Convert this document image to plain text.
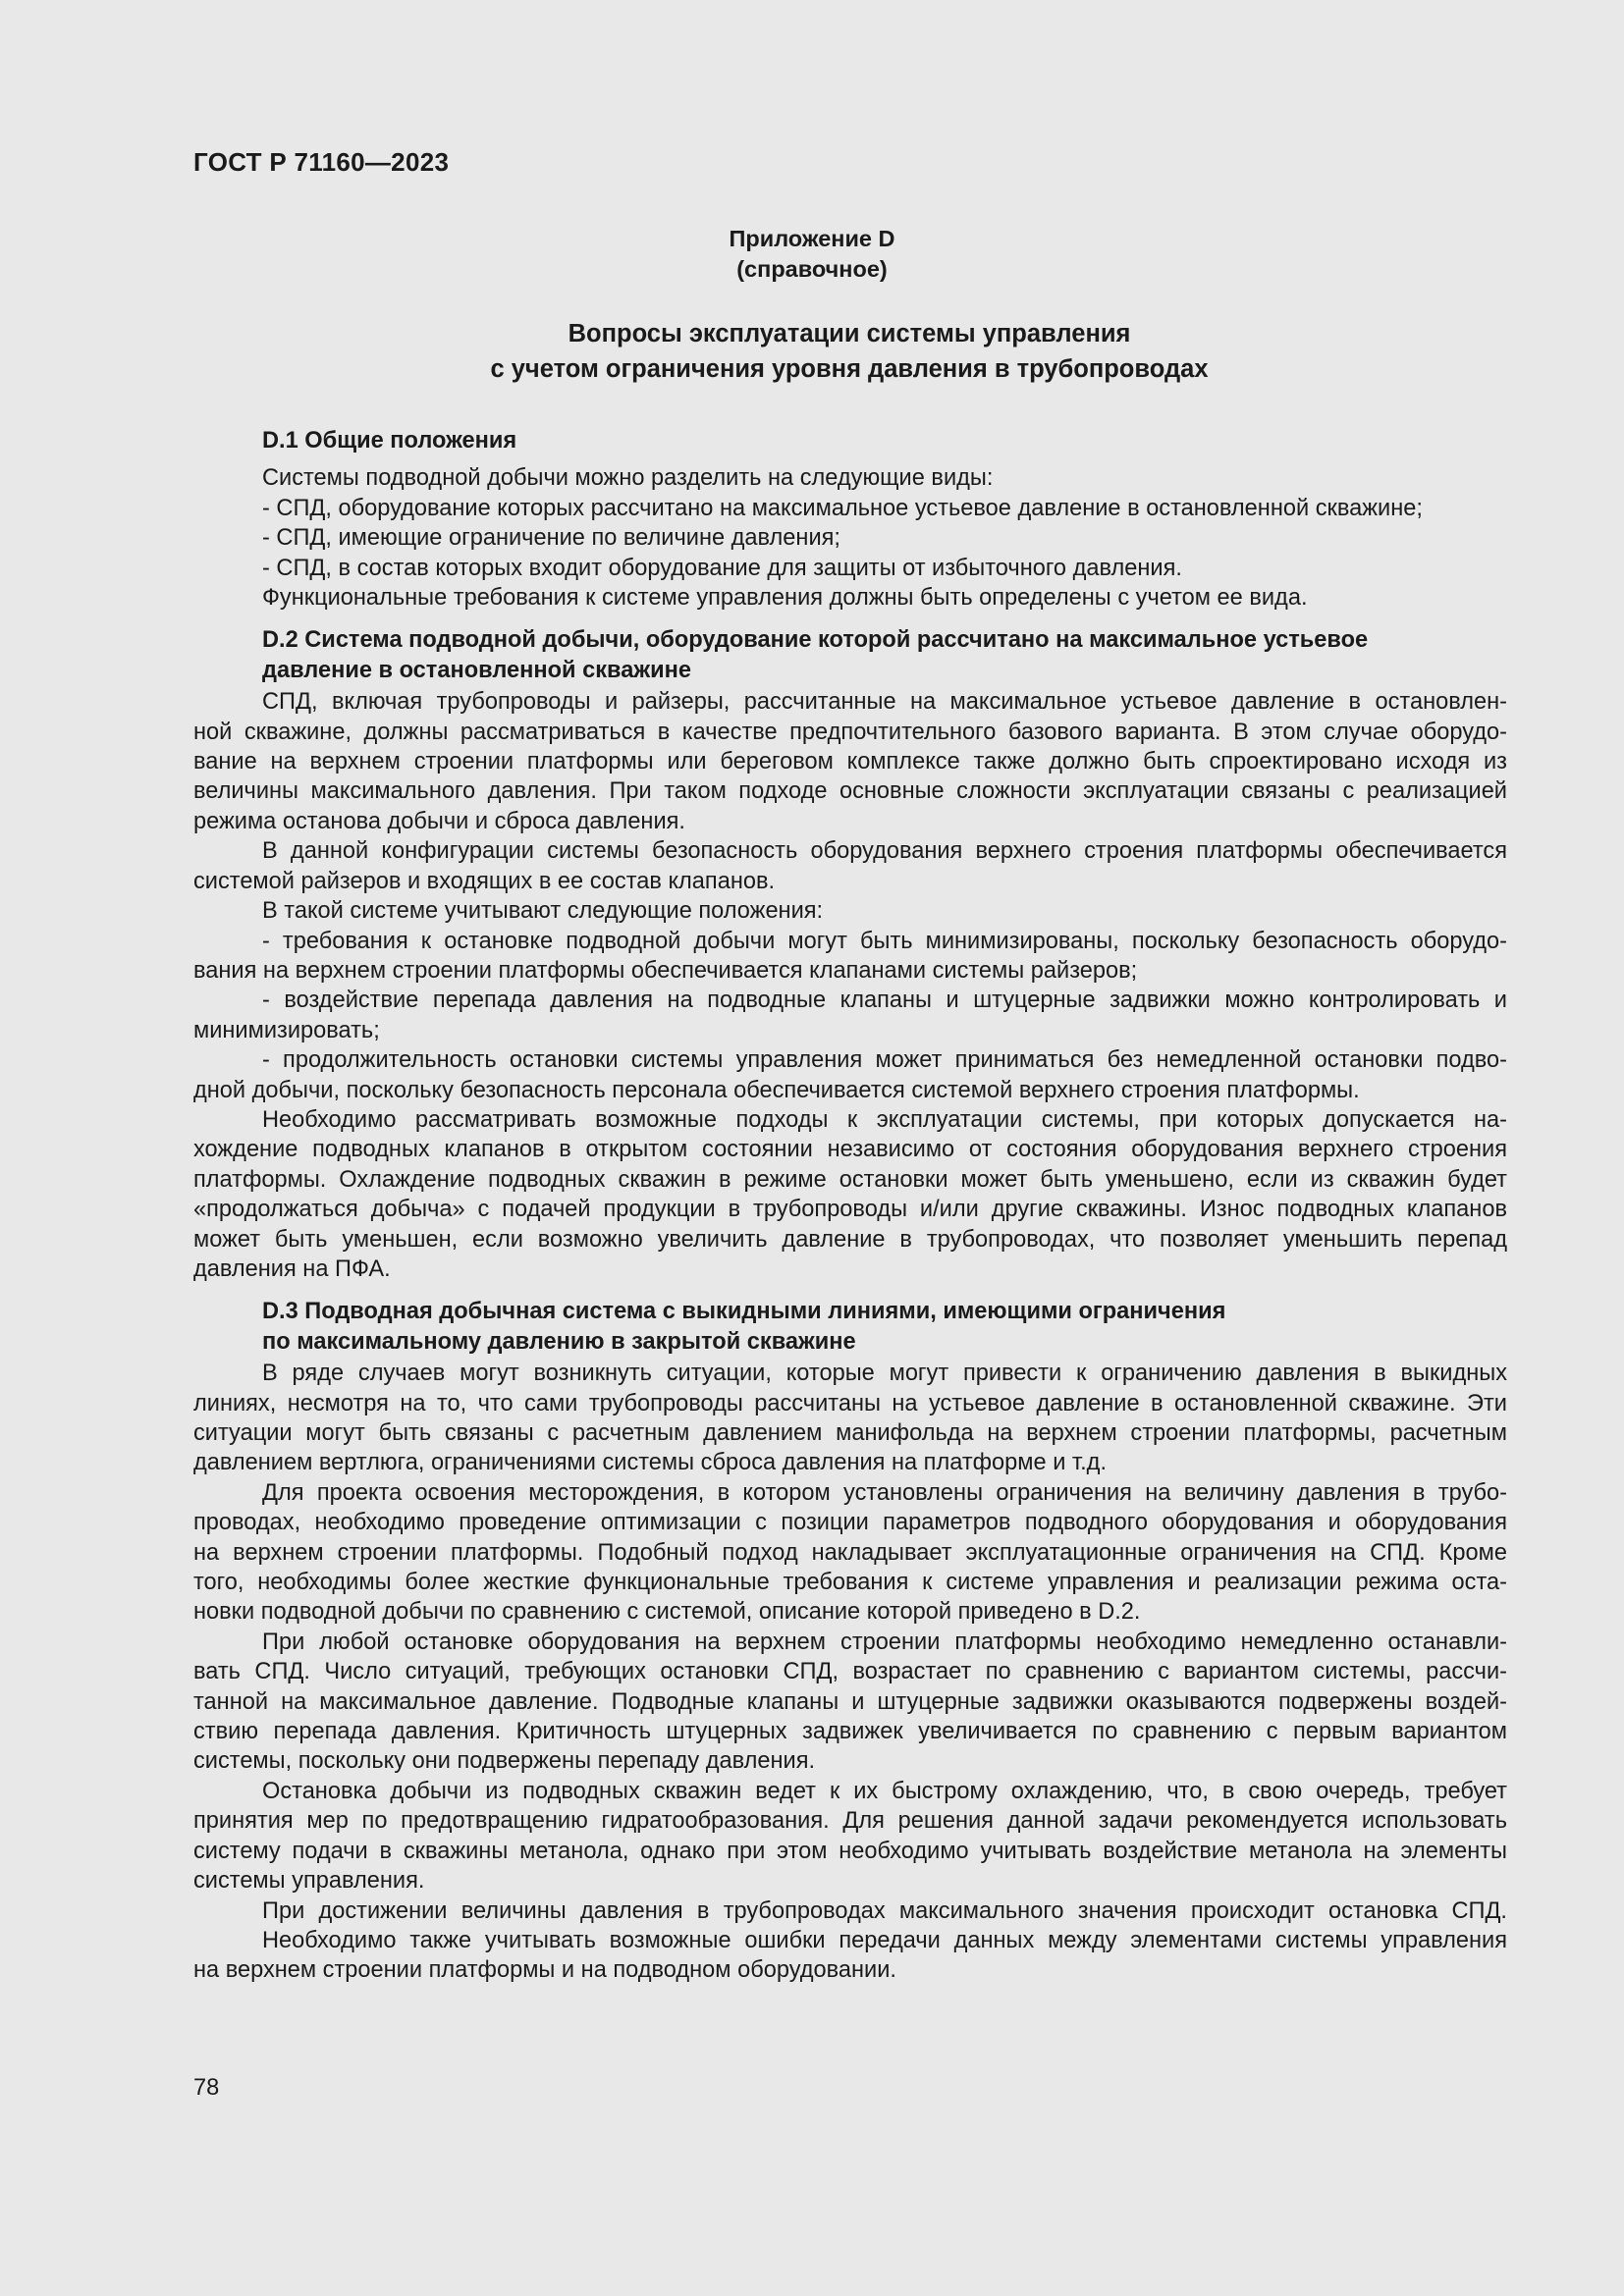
ГОСТ Р 71160—2023
Приложение D
(справочное)
Вопросы эксплуатации системы управления
с учетом ограничения уровня давления в трубопроводах
D.1 Общие положения
Системы подводной добычи можно разделить на следующие виды:
- СПД, оборудование которых рассчитано на максимальное устьевое давление в остановленной скважине;
- СПД, имеющие ограничение по величине давления;
- СПД, в состав которых входит оборудование для защиты от избыточного давления.
Функциональные требования к системе управления должны быть определены с учетом ее вида.
D.2 Система подводной добычи, оборудование которой рассчитано на максимальное устьевое
давление в остановленной скважине
СПД, включая трубопроводы и райзеры, рассчитанные на максимальное устьевое давление в остановлен-
ной скважине, должны рассматриваться в качестве предпочтительного базового варианта. В этом случае оборудо-
вание на верхнем строении платформы или береговом комплексе также должно быть спроектировано исходя из
величины максимального давления. При таком подходе основные сложности эксплуатации связаны с реализацией
режима останова добычи и сброса давления.
В данной конфигурации системы безопасность оборудования верхнего строения платформы обеспечивается
системой райзеров и входящих в ее состав клапанов.
В такой системе учитывают следующие положения:
- требования к остановке подводной добычи могут быть минимизированы, поскольку безопасность оборудо-
вания на верхнем строении платформы обеспечивается клапанами системы райзеров;
- воздействие перепада давления на подводные клапаны и штуцерные задвижки можно контролировать и
минимизировать;
- продолжительность остановки системы управления может приниматься без немедленной остановки подво-
дной добычи, поскольку безопасность персонала обеспечивается системой верхнего строения платформы.
Необходимо рассматривать возможные подходы к эксплуатации системы, при которых допускается на-
хождение подводных клапанов в открытом состоянии независимо от состояния оборудования верхнего строения
платформы. Охлаждение подводных скважин в режиме остановки может быть уменьшено, если из скважин будет
«продолжаться добыча» с подачей продукции в трубопроводы и/или другие скважины. Износ подводных клапанов
может быть уменьшен, если возможно увеличить давление в трубопроводах, что позволяет уменьшить перепад
давления на ПФА.
D.3 Подводная добычная система с выкидными линиями, имеющими ограничения
по максимальному давлению в закрытой скважине
В ряде случаев могут возникнуть ситуации, которые могут привести к ограничению давления в выкидных
линиях, несмотря на то, что сами трубопроводы рассчитаны на устьевое давление в остановленной скважине. Эти
ситуации могут быть связаны с расчетным давлением манифольда на верхнем строении платформы, расчетным
давлением вертлюга, ограничениями системы сброса давления на платформе и т.д.
Для проекта освоения месторождения, в котором установлены ограничения на величину давления в трубо-
проводах, необходимо проведение оптимизации с позиции параметров подводного оборудования и оборудования
на верхнем строении платформы. Подобный подход накладывает эксплуатационные ограничения на СПД. Кроме
того, необходимы более жесткие функциональные требования к системе управления и реализации режима оста-
новки подводной добычи по сравнению с системой, описание которой приведено в D.2.
При любой остановке оборудования на верхнем строении платформы необходимо немедленно останавли-
вать СПД. Число ситуаций, требующих остановки СПД, возрастает по сравнению с вариантом системы, рассчи-
танной на максимальное давление. Подводные клапаны и штуцерные задвижки оказываются подвержены воздей-
ствию перепада давления. Критичность штуцерных задвижек увеличивается по сравнению с первым вариантом
системы, поскольку они подвержены перепаду давления.
Остановка добычи из подводных скважин ведет к их быстрому охлаждению, что, в свою очередь, требует
принятия мер по предотвращению гидратообразования. Для решения данной задачи рекомендуется использовать
систему подачи в скважины метанола, однако при этом необходимо учитывать воздействие метанола на элементы
системы управления.
При достижении величины давления в трубопроводах максимального значения происходит остановка СПД.
Необходимо также учитывать возможные ошибки передачи данных между элементами системы управления
на верхнем строении платформы и на подводном оборудовании.
78
